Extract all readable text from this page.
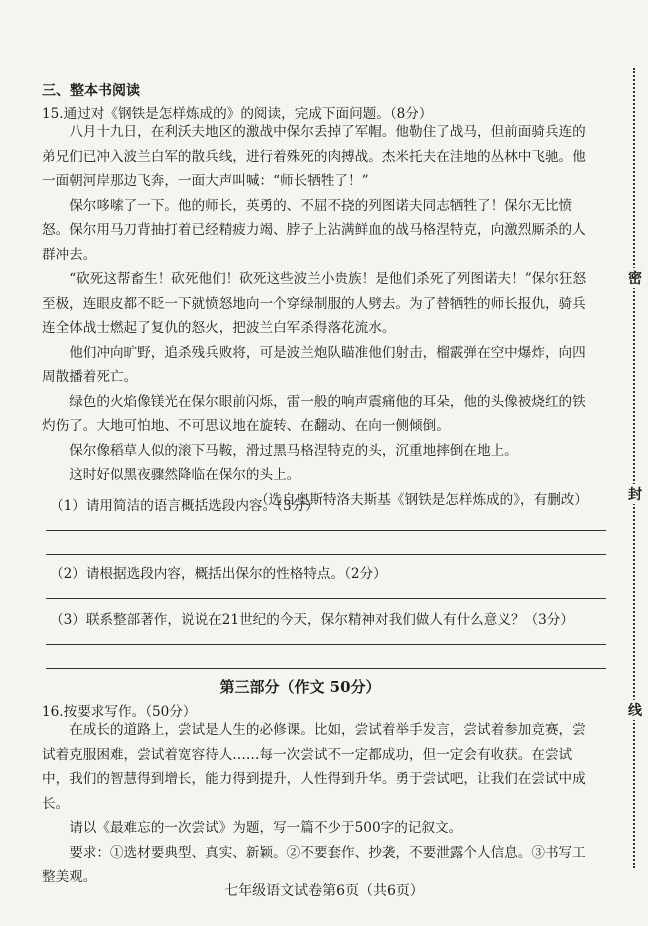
三、整本书阅读
15.通过对《钢铁是怎样炼成的》的阅读，完成下面问题。（8分）

八月十九日，在利沃夫地区的激战中保尔丢掉了军帽。他勒住了战马，但前面骑兵连的弟兄们已冲入波兰白军的散兵线，进行着殊死的肉搏战。杰米托夫在洼地的丛林中飞驰。他一面朝河岸那边飞奔，一面大声叫喊：“师长牺牲了！”

保尔哆嗦了一下。他的师长，英勇的、不屈不挠的列图诺夫同志牺牲了！保尔无比愤怒。保尔用马刀背抽打着已经精疲力竭、脖子上沾满鲜血的战马格涅特克，向激烈厮杀的人群冲去。

“砍死这帮畜生！砍死他们！砍死这些波兰小贵族！是他们杀死了列图诺夫！”保尔狂怒至极，连眼皮都不眨一下就愤怒地向一个穿绿制服的人劈去。为了替牺牲的师长报仇，骑兵连全体战士燃起了复仇的怒火，把波兰白军杀得落花流水。

他们冲向旷野，追杀残兵败将，可是波兰炮队瞄准他们射击，榴霰弹在空中爆炸，向四周散播着死亡。

绿色的火焰像镁光在保尔眼前闪烁，雷一般的响声震痛他的耳朵，他的头像被烧红的铁灼伤了。大地可怕地、不可思议地在旋转、在翻动、在向一侧倾倒。

保尔像稻草人似的滚下马鞍，滑过黑马格涅特克的头，沉重地摔倒在地上。

这时好似黑夜骤然降临在保尔的头上。

（选自奥斯特洛夫斯基《钢铁是怎样炼成的》，有删改）

（1）请用简洁的语言概括选段内容。（3分）
（2）请根据选段内容，概括出保尔的性格特点。（2分）
（3）联系整部著作，说说在21世纪的今天，保尔精神对我们做人有什么意义？（3分）
第三部分（作文 50分）
16.按要求写作。（50分）

在成长的道路上，尝试是人生的必修课。比如，尝试着举手发言，尝试着参加竞赛，尝试着克服困难，尝试着宽容待人……每一次尝试不一定都成功，但一定会有收获。在尝试中，我们的智慧得到增长，能力得到提升，人性得到升华。勇于尝试吧，让我们在尝试中成长。

请以《最难忘的一次尝试》为题，写一篇不少于500字的记叙文。

要求：①选材要典型、真实、新颖。②不要套作、抄袭，不要泄露个人信息。③书写工整美观。

七年级语文试卷第6页（共6页）
密
封
线
